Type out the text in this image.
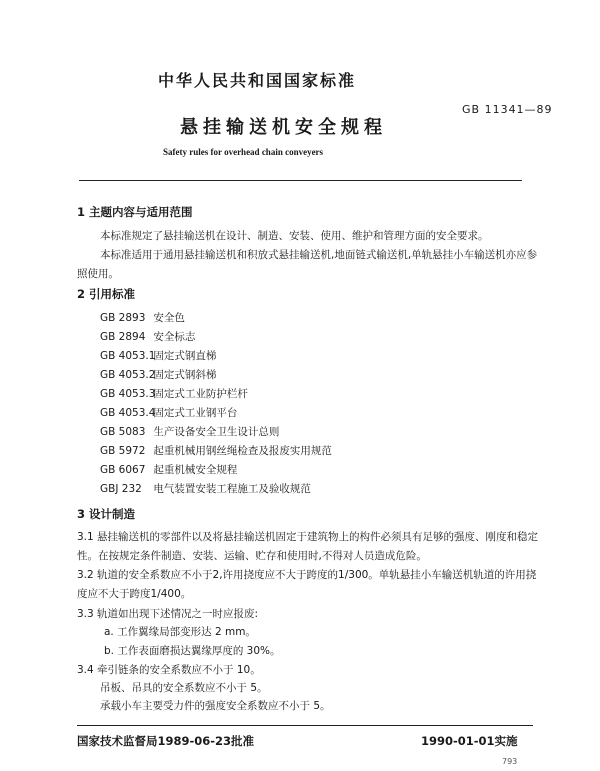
中华人民共和国国家标准
GB 11341—89
悬挂输送机安全规程
Safety rules for overhead chain conveyers
1 主题内容与适用范围
本标准规定了悬挂输送机在设计、制造、安装、使用、维护和管理方面的安全要求。
本标准适用于通用悬挂输送机和积放式悬挂输送机,地面链式输送机,单轨悬挂小车输送机亦应参照使用。
2 引用标准
GB 2893 安全色
GB 2894 安全标志
GB 4053.1 固定式钢直梯
GB 4053.2 固定式钢斜梯
GB 4053.3 固定式工业防护栏杆
GB 4053.4 固定式工业钢平台
GB 5083 生产设备安全卫生设计总则
GB 5972 起重机械用钢丝绳检查及报废实用规范
GB 6067 起重机械安全规程
GBJ 232 电气装置安装工程施工及验收规范
3 设计制造
3.1 悬挂输送机的零部件以及将悬挂输送机固定于建筑物上的构件必须具有足够的强度、刚度和稳定性。在按规定条件制造、安装、运输、贮存和使用时,不得对人员造成危险。
3.2 轨道的安全系数应不小于2,许用挠度应不大于跨度的1/300。单轨悬挂小车输送机轨道的许用挠度应不大于跨度1/400。
3.3 轨道如出现下述情况之一时应报废:
a. 工作翼缘局部变形达 2 mm。
b. 工作表面磨损达翼缘厚度的 30%。
3.4 牵引链条的安全系数应不小于 10。
吊板、吊具的安全系数应不小于 5。
承载小车主要受力件的强度安全系数应不小于 5。
国家技术监督局1989-06-23批准	1990-01-01实施
793
